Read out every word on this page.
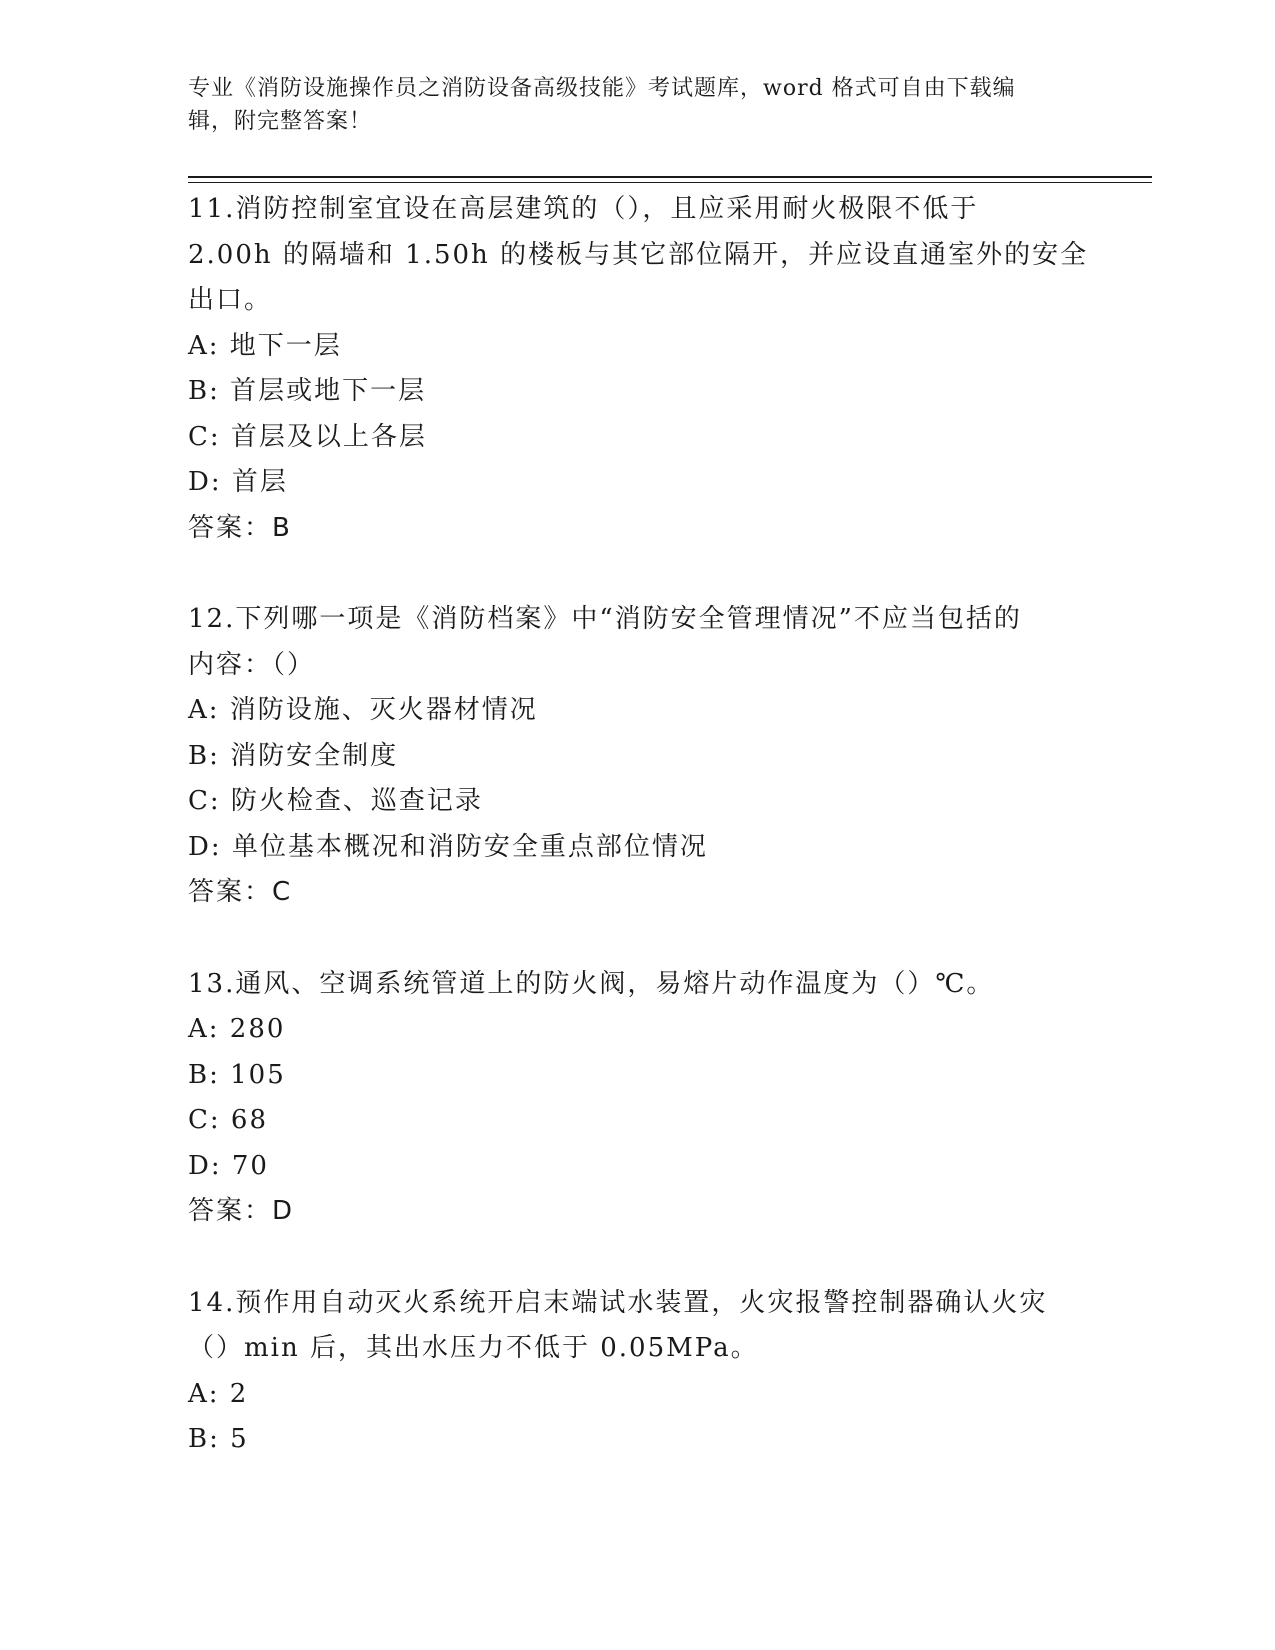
专业《消防设施操作员之消防设备高级技能》考试题库，word 格式可自由下载编
辑，附完整答案！
11.消防控制室宜设在高层建筑的（），且应采用耐火极限不低于
2.00h 的隔墙和 1.50h 的楼板与其它部位隔开，并应设直通室外的安全
出口。
A: 地下一层
B: 首层或地下一层
C: 首层及以上各层
D: 首层
答案：B
12.下列哪一项是《消防档案》中“消防安全管理情况”不应当包括的
内容：（）
A: 消防设施、灭火器材情况
B: 消防安全制度
C: 防火检查、巡查记录
D: 单位基本概况和消防安全重点部位情况
答案：C
13.通风、空调系统管道上的防火阀，易熔片动作温度为（）℃。
A: 280
B: 105
C: 68
D: 70
答案：D
14.预作用自动灭火系统开启末端试水装置，火灾报警控制器确认火灾
（）min 后，其出水压力不低于 0.05MPa。
A: 2
B: 5
